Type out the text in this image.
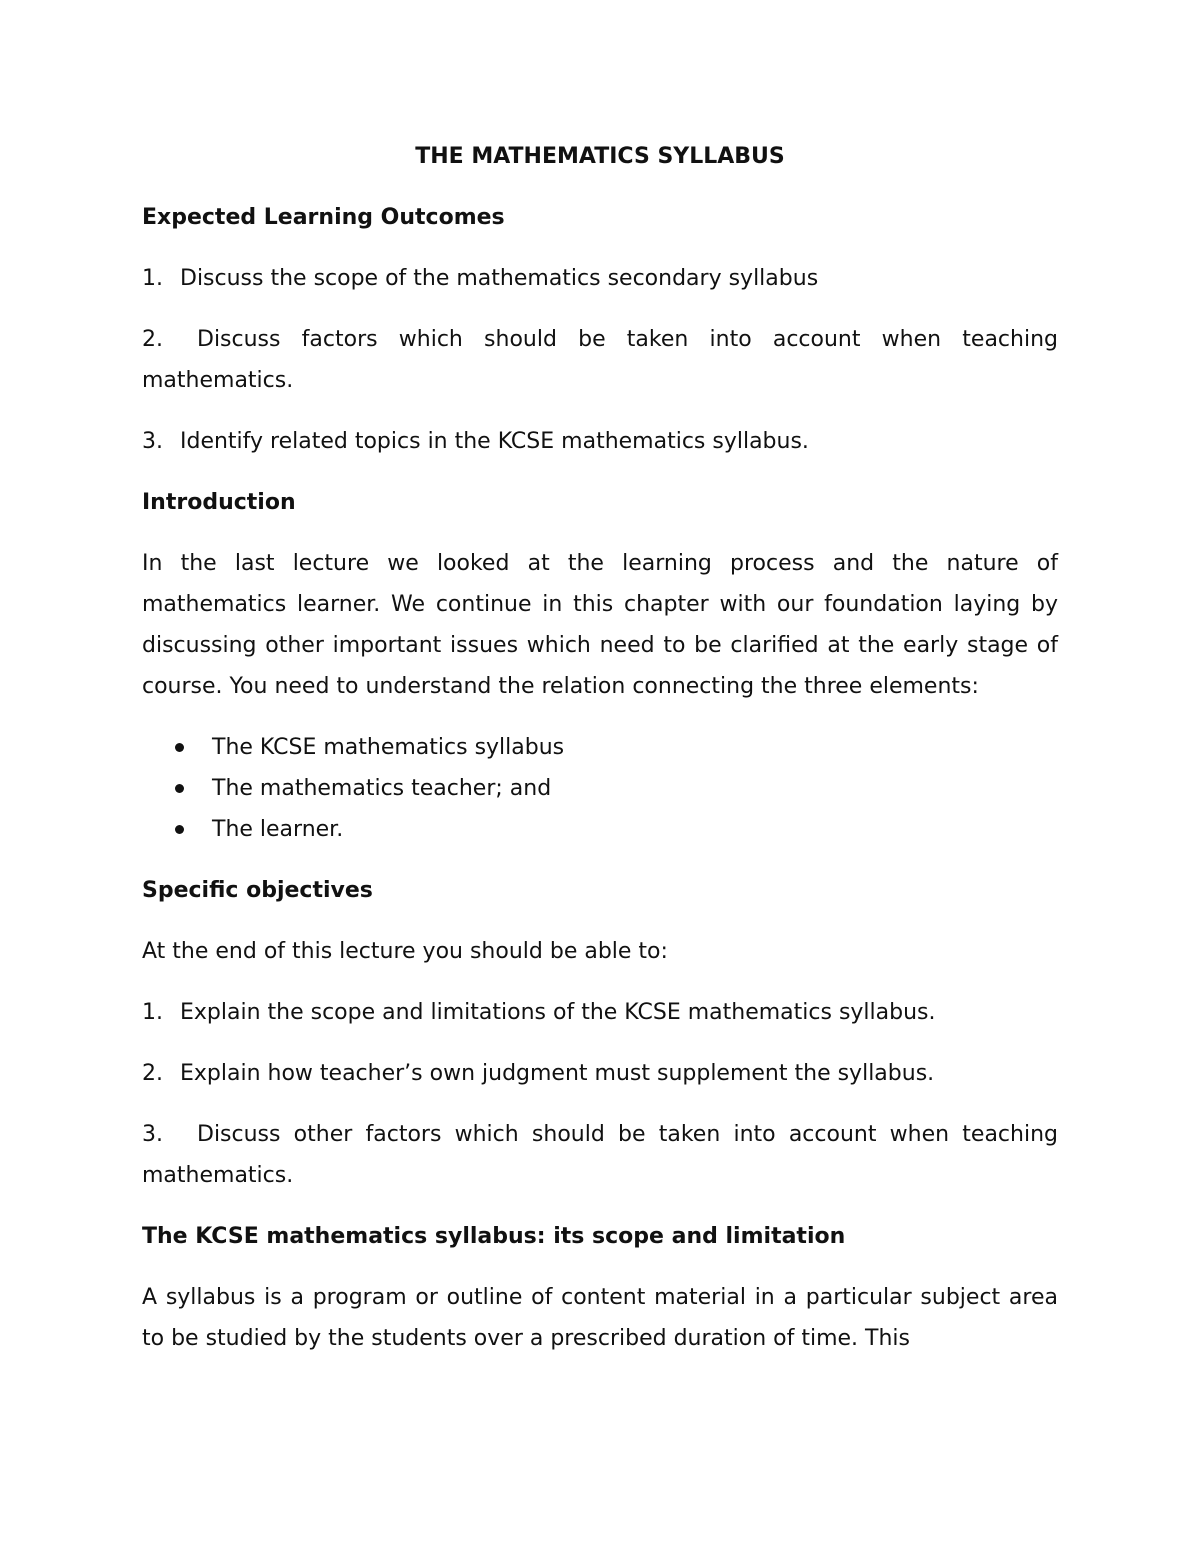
THE MATHEMATICS SYLLABUS

Expected Learning Outcomes

1. Discuss the scope of the mathematics secondary syllabus

2. Discuss factors which should be taken into account when teaching mathematics.

3. Identify related topics in the KCSE mathematics syllabus.

Introduction

In the last lecture we looked at the learning process and the nature of mathematics learner. We continue in this chapter with our foundation laying by discussing other important issues which need to be clarified at the early stage of course. You need to understand the relation connecting the three elements:

The KCSE mathematics syllabus
The mathematics teacher; and
The learner.

Specific objectives

At the end of this lecture you should be able to:

1. Explain the scope and limitations of the KCSE mathematics syllabus.

2. Explain how teacher’s own judgment must supplement the syllabus.

3. Discuss other factors which should be taken into account when teaching mathematics.

The KCSE mathematics syllabus: its scope and limitation

A syllabus is a program or outline of content material in a particular subject area to be studied by the students over a prescribed duration of time. This
